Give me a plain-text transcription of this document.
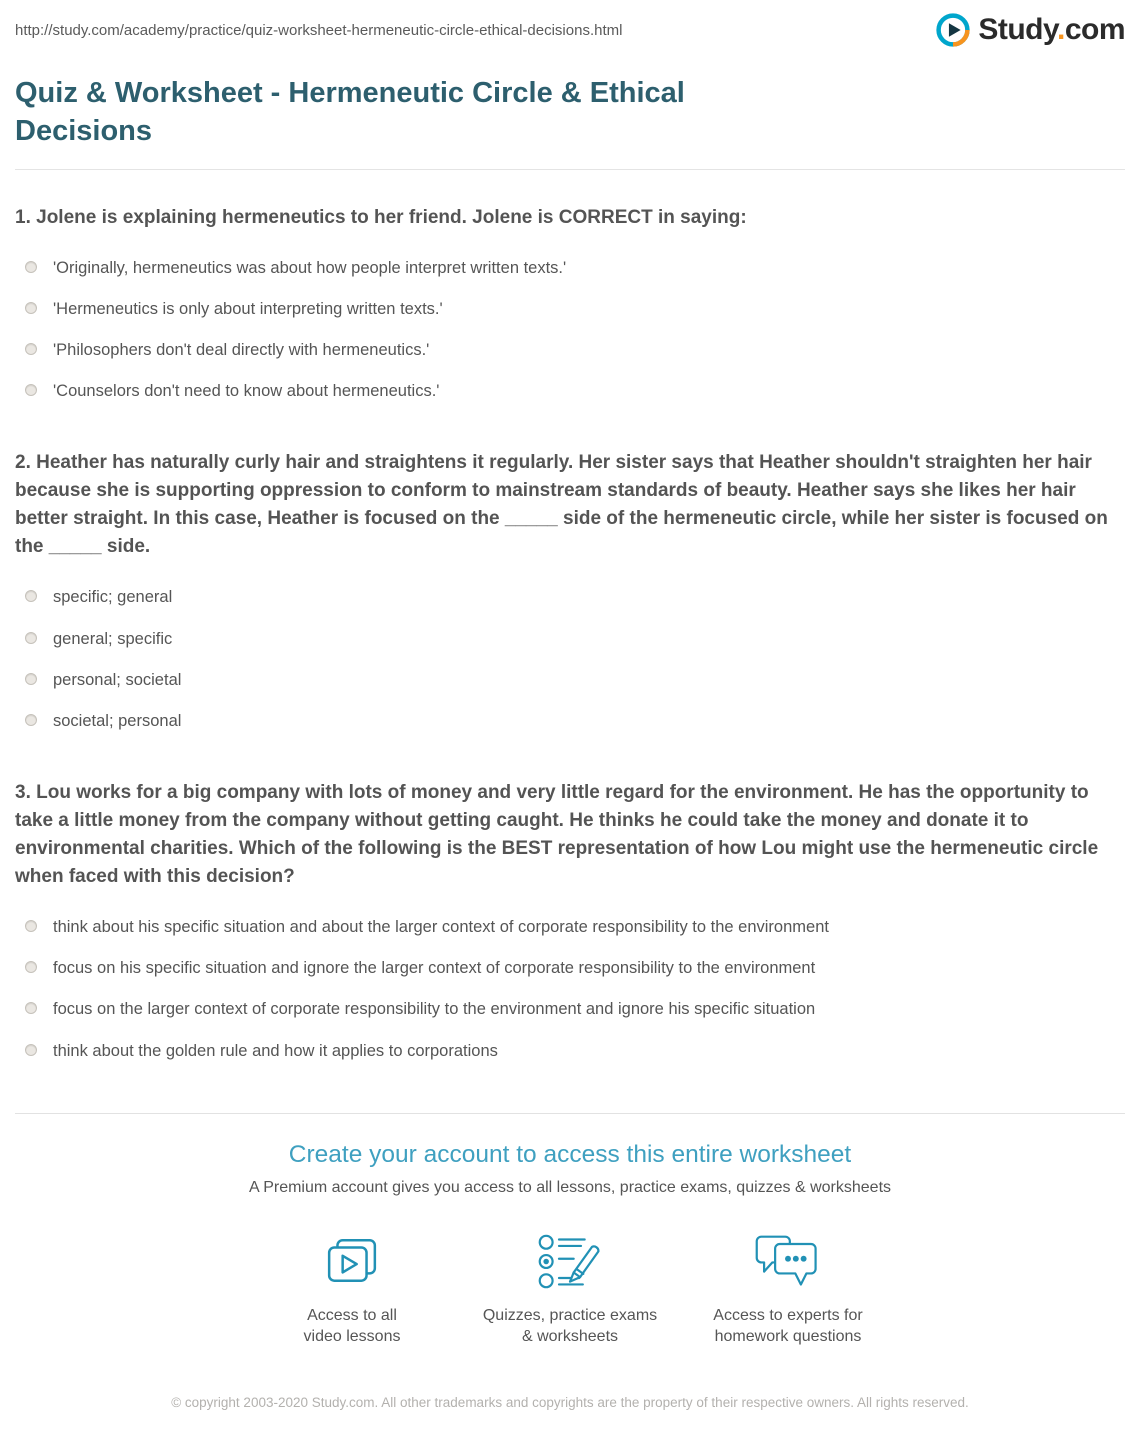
http://study.com/academy/practice/quiz-worksheet-hermeneutic-circle-ethical-decisions.html	Study.com
Quiz & Worksheet - Hermeneutic Circle & Ethical Decisions

1. Jolene is explaining hermeneutics to her friend. Jolene is CORRECT in saying:

'Originally, hermeneutics was about how people interpret written texts.'
'Hermeneutics is only about interpreting written texts.'
'Philosophers don't deal directly with hermeneutics.'
'Counselors don't need to know about hermeneutics.'

2. Heather has naturally curly hair and straightens it regularly. Her sister says that Heather shouldn't straighten her hair because she is supporting oppression to conform to mainstream standards of beauty. Heather says she likes her hair better straight. In this case, Heather is focused on the _____ side of the hermeneutic circle, while her sister is focused on the _____ side.

specific; general
general; specific
personal; societal
societal; personal

3. Lou works for a big company with lots of money and very little regard for the environment. He has the opportunity to take a little money from the company without getting caught. He thinks he could take the money and donate it to environmental charities. Which of the following is the BEST representation of how Lou might use the hermeneutic circle when faced with this decision?

think about his specific situation and about the larger context of corporate responsibility to the environment
focus on his specific situation and ignore the larger context of corporate responsibility to the environment
focus on the larger context of corporate responsibility to the environment and ignore his specific situation
think about the golden rule and how it applies to corporations
Create your account to access this entire worksheet

A Premium account gives you access to all lessons, practice exams, quizzes & worksheets

Access to all
video lessons
Quizzes, practice exams
& worksheets
Access to experts for
homework questions

© copyright 2003-2020 Study.com. All other trademarks and copyrights are the property of their respective owners. All rights reserved.
